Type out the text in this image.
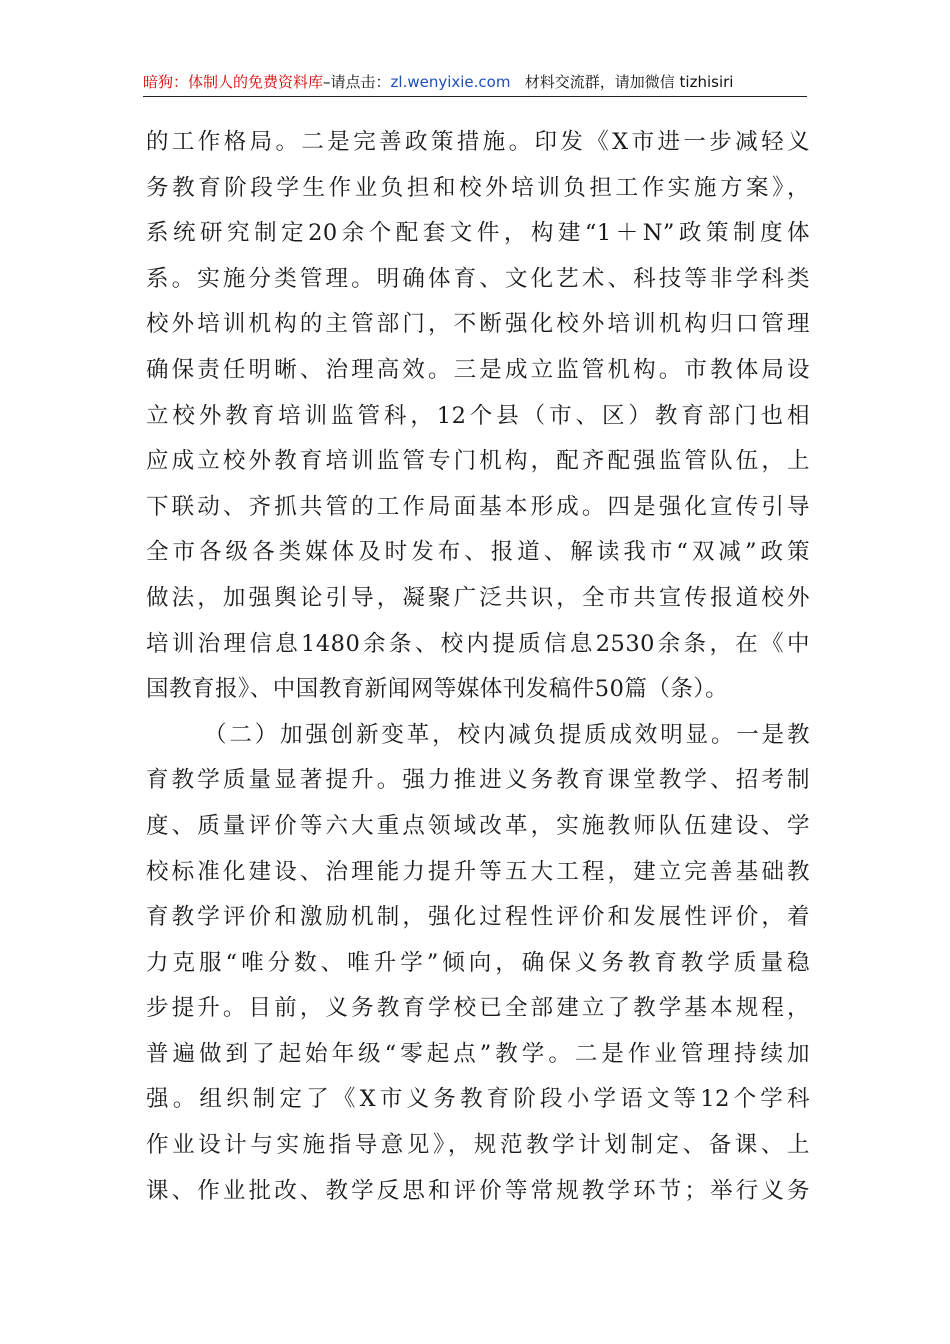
暗狗：体制人的免费资料库–请点击：zl.wenyixie.com 材料交流群，请加微信 tizhisiri
的工作格局。二是完善政策措施。印发《X市进一步减轻义
务教育阶段学生作业负担和校外培训负担工作实施方案》，
系统研究制定20余个配套文件，构建“1＋N”政策制度体
系。实施分类管理。明确体育、文化艺术、科技等非学科类
校外培训机构的主管部门，不断强化校外培训机构归口管理
确保责任明晰、治理高效。三是成立监管机构。市教体局设
立校外教育培训监管科，12个县（市、区）教育部门也相
应成立校外教育培训监管专门机构，配齐配强监管队伍，上
下联动、齐抓共管的工作局面基本形成。四是强化宣传引导
全市各级各类媒体及时发布、报道、解读我市“双减”政策
做法，加强舆论引导，凝聚广泛共识，全市共宣传报道校外
培训治理信息1480余条、校内提质信息2530余条，在《中
国教育报》、中国教育新闻网等媒体刊发稿件50篇（条）。
（二）加强创新变革，校内减负提质成效明显。一是教
育教学质量显著提升。强力推进义务教育课堂教学、招考制
度、质量评价等六大重点领域改革，实施教师队伍建设、学
校标准化建设、治理能力提升等五大工程，建立完善基础教
育教学评价和激励机制，强化过程性评价和发展性评价，着
力克服“唯分数、唯升学”倾向，确保义务教育教学质量稳
步提升。目前，义务教育学校已全部建立了教学基本规程，
普遍做到了起始年级“零起点”教学。二是作业管理持续加
强。组织制定了《X市义务教育阶段小学语文等12个学科
作业设计与实施指导意见》，规范教学计划制定、备课、上
课、作业批改、教学反思和评价等常规教学环节；举行义务
